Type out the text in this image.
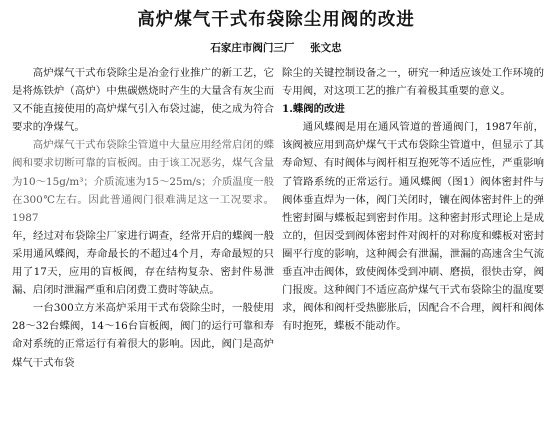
高炉煤气干式布袋除尘用阀的改进
石家庄市阀门三厂 张文忠

高炉煤气干式布袋除尘是冶金行业推广的新工艺，它是将炼铁炉（高炉）中焦碳燃烧时产生的大量含有灰尘而又不能直接使用的高炉煤气引入布袋过滤，使之成为符合要求的净煤气。

高炉煤气干式布袋除尘管道中大量应用经常启闭的蝶阀和要求切断可靠的盲板阀。由于该工况恶劣，煤气含量为10～15g/m³；介质流速为15～25m/s；介质温度一般在300℃左右。因此普通阀门很难满足这一工况要求。1987

年，经过对布袋除尘厂家进行调查，经常开启的蝶阀一般采用通风蝶阀，寿命最长的不超过4个月，寿命最短的只用了17天，应用的盲板阀，存在结构复杂、密封件易泄漏、启闭时泄漏严重和启闭费工费时等缺点。

一台300立方米高炉采用干式布袋除尘时，一般使用28～32台蝶阀，14～16台盲板阀，阀门的运行可靠和寿命对系统的正常运行有着很大的影响。因此，阀门是高炉煤气干式布袋

除尘的关键控制设备之一，研究一种适应该处工作环境的专用阀，对这项工艺的推广有着极其重要的意义。

1.蝶阀的改进

通风蝶阀是用在通风管道的普通阀门，1987年前，该阀被应用到高炉煤气干式布袋除尘管道中，但显示了其寿命短、有时阀体与阀杆相互抱死等不适应性，严重影响了管路系统的正常运行。通风蝶阀（图1）阀体密封件与阀体垂直焊为一体，阀门关闭时，镶在阀体密封件上的弹性密封圈与蝶板起到密封作用。这种密封形式理论上是成立的，但因受到阀体密封件对阀杆的对称度和蝶板对密封圈平行度的影响，这种阀会有泄漏，泄漏的高速含尘气流垂直冲击阀体，致使阀体受到冲刷、磨损，很快击穿，阀门报废。这种阀门不适应高炉煤气干式布袋除尘的温度要求，阀体和阀杆受热膨胀后，因配合不合理，阀杆和阀体有时抱死，蝶板不能动作。
